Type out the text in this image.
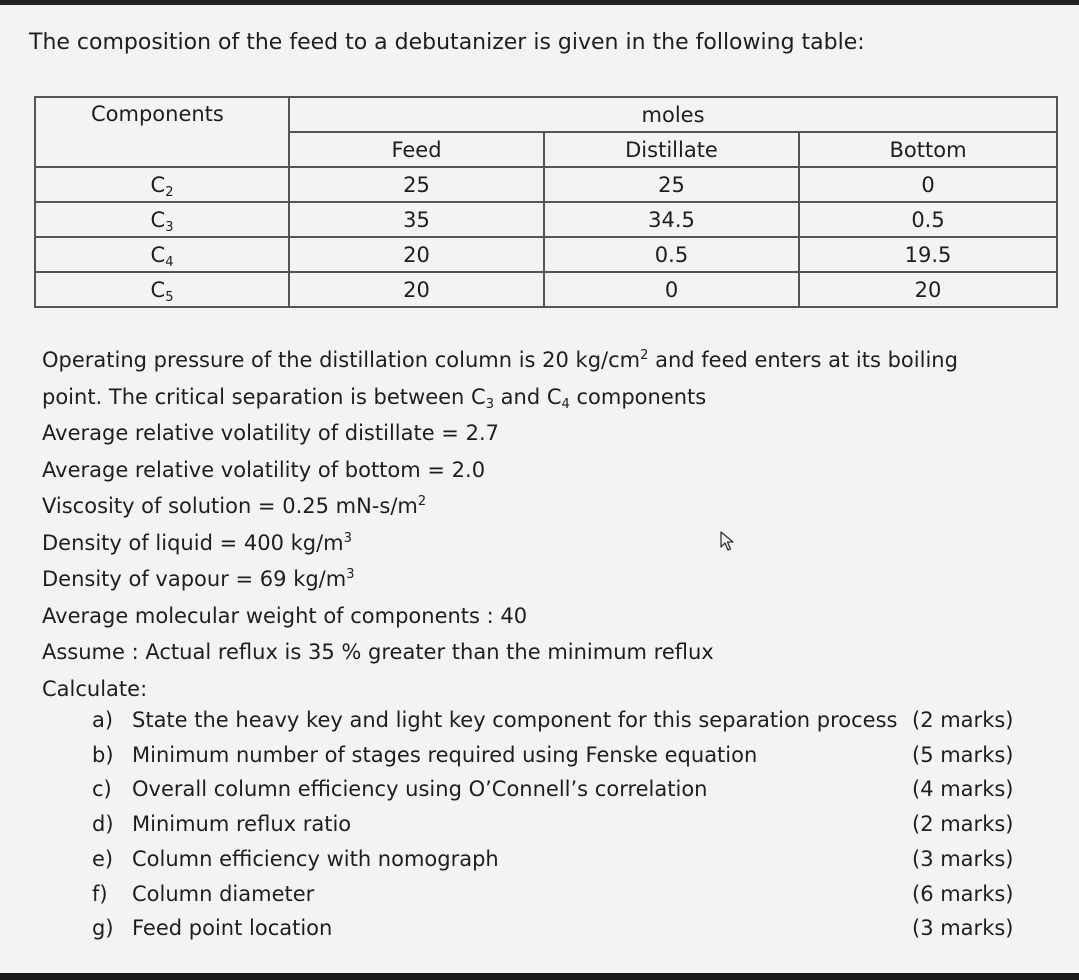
The composition of the feed to a debutanizer is given in the following table:
Components	moles		
	Feed	Distillate	Bottom
$C_2$	25	25	0
$C_3$	35	34.5	0.5
$C_4$	20	0.5	19.5
$C_5$	20	0	20

Operating pressure of the distillation column is 20 $kg/cm^2$ and feed enters at its boiling

point. The critical separation is between $C_3$ and $C_4$ components

Average relative volatility of distillate = 2.7

Average relative volatility of bottom = 2.0

Viscosity of solution = 0.25 $mN-s/m^2$

Density of liquid = 400 $kg/m^3$

Density of vapour = 69 $kg/m^3$

Average molecular weight of components : 40

Assume : Actual reflux is 35 % greater than the minimum reflux

Calculate:

a) State the heavy key and light key component for this separation process (2 marks)
b) Minimum number of stages required using Fenske equation	(5 marks)
c) Overall column efficiency using O’Connell’s correlation	(4 marks)
d) Minimum reflux ratio	(2 marks)
e) Column efficiency with nomograph	(3 marks)
f)	Column diameter	(6 marks)
g) Feed point location	(3 marks)
